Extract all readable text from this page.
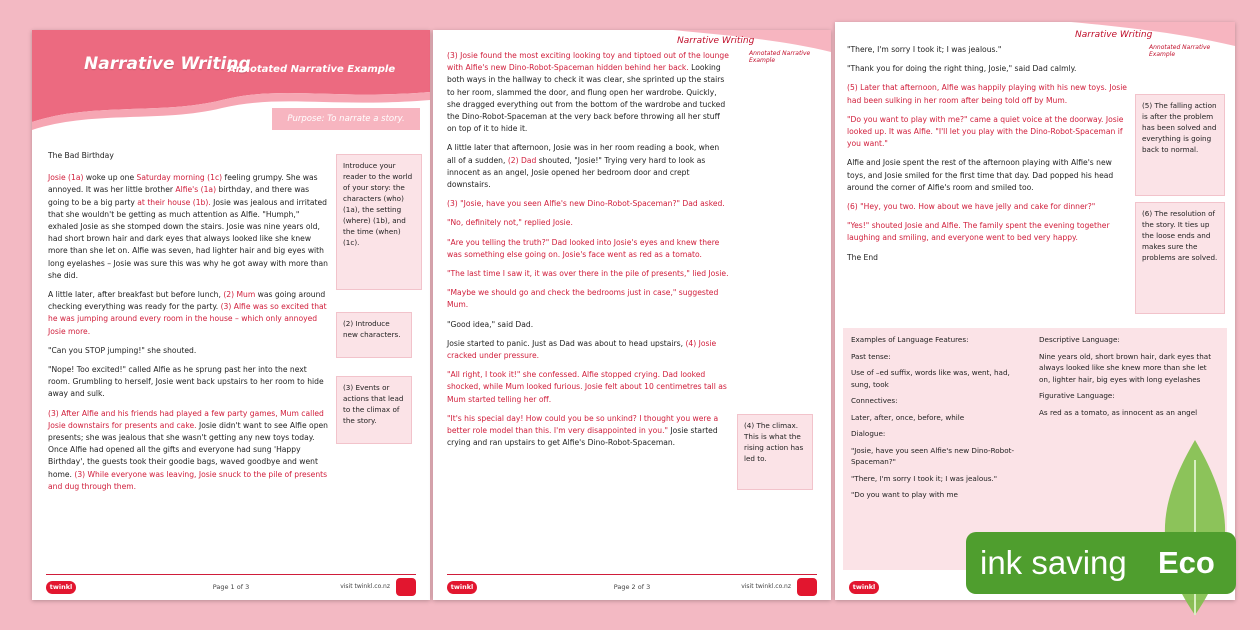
Narrative Writing
Annotated Narrative Example
Purpose: To narrate a story.
The Bad Birthday
Josie (1a) woke up one Saturday morning (1c) feeling grumpy. She was annoyed. It was her little brother Alfie's (1a) birthday, and there was going to be a big party at their house (1b). Josie was jealous and irritated that she wouldn't be getting as much attention as Alfie. "Humph," exhaled Josie as she stomped down the stairs. Josie was nine years old, had short brown hair and dark eyes that always looked like she knew more than she let on. Alfie was seven, had lighter hair and big eyes with long eyelashes – Josie was sure this was why he got away with more than she did.
A little later, after breakfast but before lunch, (2) Mum was going around checking everything was ready for the party. (3) Alfie was so excited that he was jumping around every room in the house – which only annoyed Josie more.
"Can you STOP jumping!" she shouted.
"Nope! Too excited!" called Alfie as he sprung past her into the next room. Grumbling to herself, Josie went back upstairs to her room to hide away and sulk.
(3) After Alfie and his friends had played a few party games, Mum called Josie downstairs for presents and cake. Josie didn't want to see Alfie open presents; she was jealous that she wasn't getting any new toys today. Once Alfie had opened all the gifts and everyone had sung 'Happy Birthday', the guests took their goodie bags, waved goodbye and went home. (3) While everyone was leaving, Josie snuck to the pile of presents and dug through them.
Introduce your reader to the world of your story: the characters (who) (1a), the setting (where) (1b), and the time (when) (1c).
(2) Introduce new characters.
(3) Events or actions that lead to the climax of the story.
twinkl	Page 1 of 3	visit twinkl.co.nz
Narrative Writing
Annotated Narrative Example
(3) Josie found the most exciting looking toy and tiptoed out of the lounge with Alfie's new Dino-Robot-Spaceman hidden behind her back. Looking both ways in the hallway to check it was clear, she sprinted up the stairs to her room, slammed the door, and flung open her wardrobe. Quickly, she dragged everything out from the bottom of the wardrobe and tucked the Dino-Robot-Spaceman at the very back before throwing all her stuff on top of it to hide it.
A little later that afternoon, Josie was in her room reading a book, when all of a sudden, (2) Dad shouted, "Josie!" Trying very hard to look as innocent as an angel, Josie opened her bedroom door and crept downstairs.
(3) "Josie, have you seen Alfie's new Dino-Robot-Spaceman?" Dad asked.
"No, definitely not," replied Josie.
"Are you telling the truth?" Dad looked into Josie's eyes and knew there was something else going on. Josie's face went as red as a tomato.
"The last time I saw it, it was over there in the pile of presents," lied Josie.
"Maybe we should go and check the bedrooms just in case," suggested Mum.
"Good idea," said Dad.
Josie started to panic. Just as Dad was about to head upstairs, (4) Josie cracked under pressure.
"All right, I took it!" she confessed. Alfie stopped crying. Dad looked shocked, while Mum looked furious. Josie felt about 10 centimetres tall as Mum started telling her off.
"It's his special day! How could you be so unkind? I thought you were a better role model than this. I'm very disappointed in you." Josie started crying and ran upstairs to get Alfie's Dino-Robot-Spaceman.
(4) The climax. This is what the rising action has led to.
twinkl	Page 2 of 3	visit twinkl.co.nz
Narrative Writing
Annotated Narrative Example
"There, I'm sorry I took it; I was jealous."
"Thank you for doing the right thing, Josie," said Dad calmly.
(5) Later that afternoon, Alfie was happily playing with his new toys. Josie had been sulking in her room after being told off by Mum.
"Do you want to play with me?" came a quiet voice at the doorway. Josie looked up. It was Alfie. "I'll let you play with the Dino-Robot-Spaceman if you want."
Alfie and Josie spent the rest of the afternoon playing with Alfie's new toys, and Josie smiled for the first time that day. Dad popped his head around the corner of Alfie's room and smiled too.
(6) "Hey, you two. How about we have jelly and cake for dinner?"
"Yes!" shouted Josie and Alfie. The family spent the evening together laughing and smiling, and everyone went to bed very happy.
The End
(5) The falling action is after the problem has been solved and everything is going back to normal.
(6) The resolution of the story. It ties up the loose ends and makes sure the problems are solved.
Examples of Language Features:
Past tense:
Use of –ed suffix, words like was, went, had, sung, took
Connectives:
Later, after, once, before, while
Dialogue:
"Josie, have you seen Alfie's new Dino-Robot-Spaceman?"
"There, I'm sorry I took it; I was jealous."
"Do you want to play with me
Descriptive Language:
Nine years old, short brown hair, dark eyes that always looked like she knew more than she let on, lighter hair, big eyes with long eyelashes
Figurative Language:
As red as a tomato, as innocent as an angel
twinkl
ink saving Eco
